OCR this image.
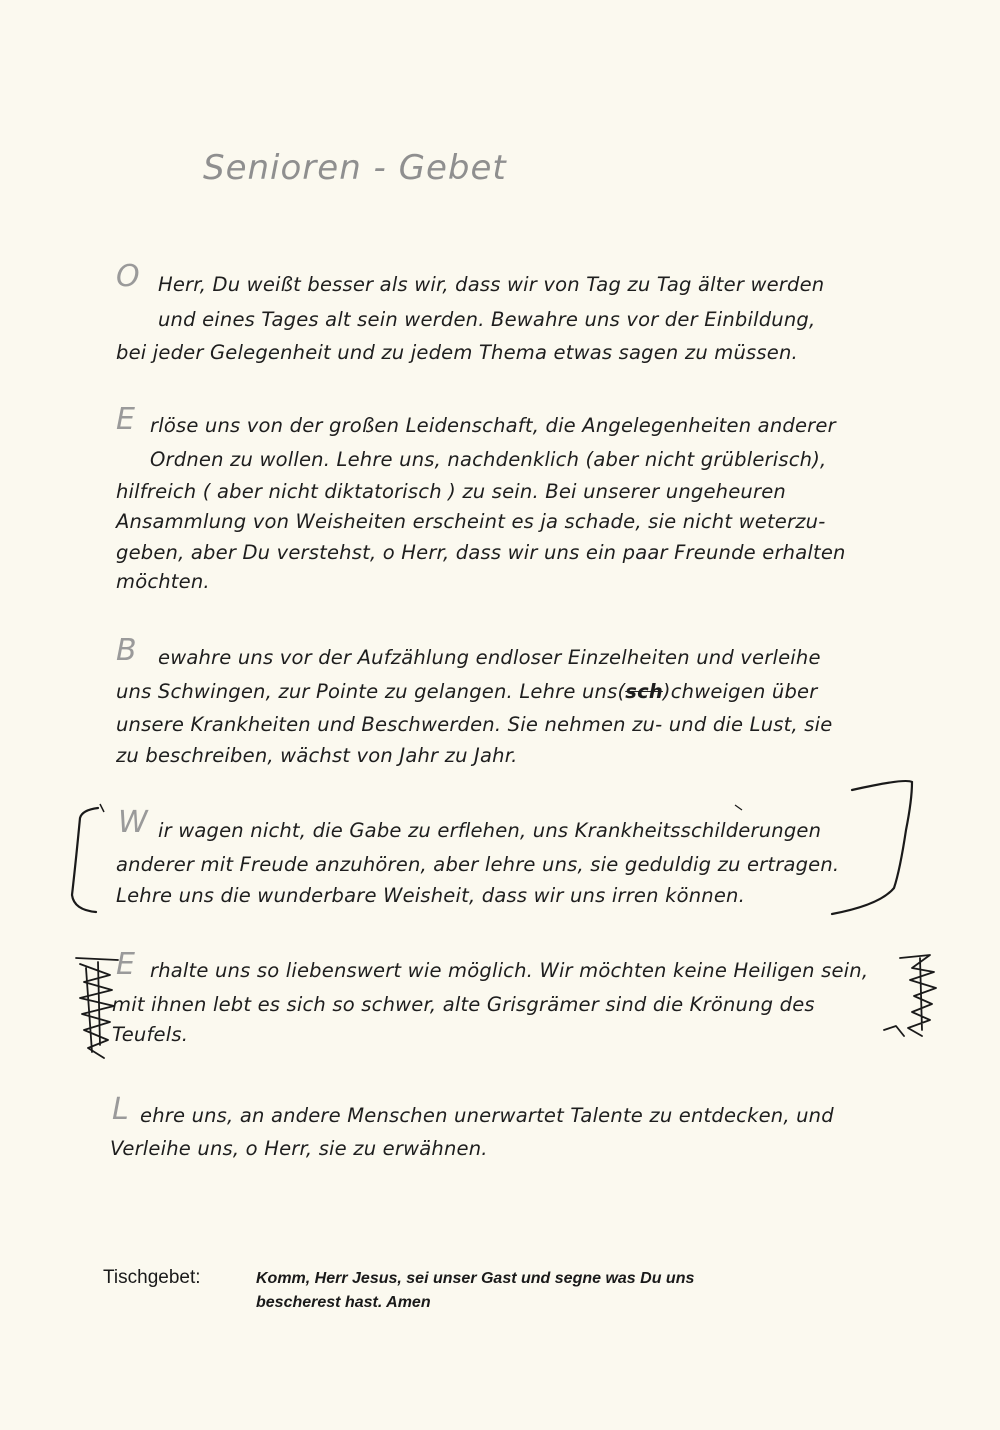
Senioren - Gebet
O Herr, Du weißt besser als wir, dass wir von Tag zu Tag älter werden
und eines Tages alt sein werden. Bewahre uns vor der Einbildung,
bei jeder Gelegenheit und zu jedem Thema etwas sagen zu müssen.
E rlöse uns von der großen Leidenschaft, die Angelegenheiten anderer
Ordnen zu wollen. Lehre uns, nachdenklich (aber nicht grüblerisch),
hilfreich ( aber nicht diktatorisch ) zu sein. Bei unserer ungeheuren
Ansammlung von Weisheiten erscheint es ja schade, sie nicht weterzu-
geben, aber Du verstehst, o Herr, dass wir uns ein paar Freunde erhalten
möchten.
B ewahre uns vor der Aufzählung endloser Einzelheiten und verleihe
uns Schwingen, zur Pointe zu gelangen. Lehre uns(sch)chweigen über
unsere Krankheiten und Beschwerden. Sie nehmen zu- und die Lust, sie
zu beschreiben, wächst von Jahr zu Jahr.
W ir wagen nicht, die Gabe zu erflehen, uns Krankheitsschilderungen
anderer mit Freude anzuhören, aber lehre uns, sie geduldig zu ertragen.
Lehre uns die wunderbare Weisheit, dass wir uns irren können.
E rhalte uns so liebenswert wie möglich. Wir möchten keine Heiligen sein,
mit ihnen lebt es sich so schwer, alte Grisgrämer sind die Krönung des
Teufels.
L ehre uns, an andere Menschen unerwartet Talente zu entdecken, und
Verleihe uns, o Herr, sie zu erwähnen.
Tischgebet:	Komm, Herr Jesus, sei unser Gast und segne was Du uns
bescherest hast. Amen
